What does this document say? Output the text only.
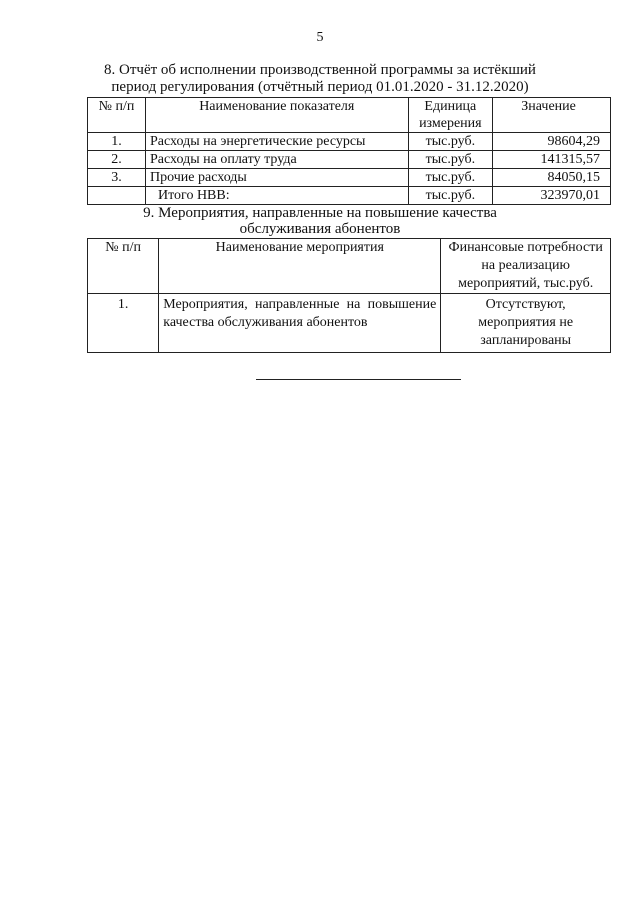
5
8. Отчёт об исполнении производственной программы за истёкший период регулирования (отчётный период 01.01.2020 - 31.12.2020)
№ п/п	Наименование показателя	Единица измерения	Значение
1.	Расходы на энергетические ресурсы	тыс.руб.	98604,29
2.	Расходы на оплату труда	тыс.руб.	141315,57
3.	Прочие расходы	тыс.руб.	84050,15
	Итого НВВ:	тыс.руб.	323970,01
9. Мероприятия, направленные на повышение качества обслуживания абонентов
№ п/п	Наименование мероприятия	Финансовые потребности на реализацию мероприятий, тыс.руб.
1.	Мероприятия, направленные на повышение качества обслуживания абонентов	Отсутствуют, мероприятия не запланированы
